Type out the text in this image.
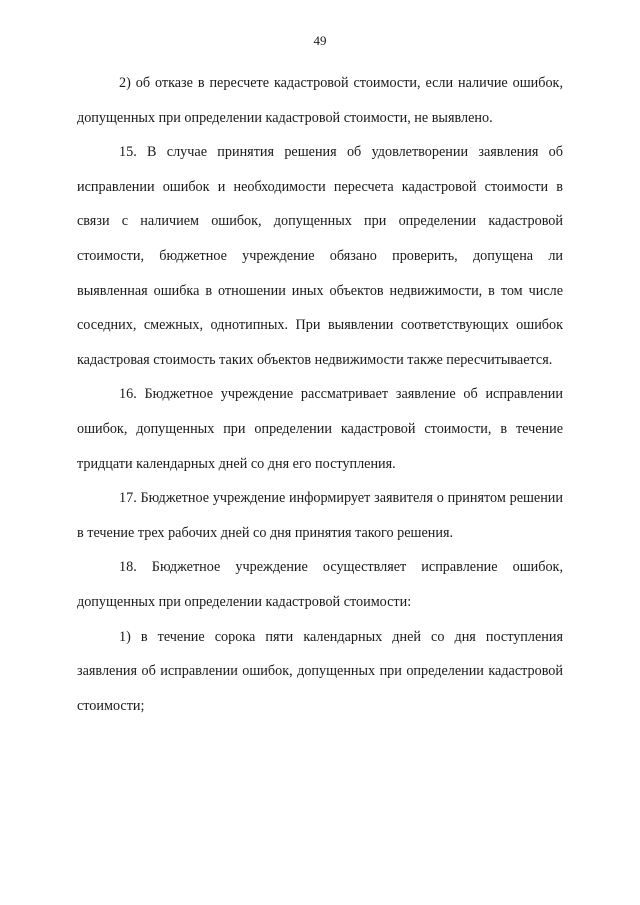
49

2) об отказе в пересчете кадастровой стоимости, если наличие ошибок, допущенных при определении кадастровой стоимости, не выявлено.

15. В случае принятия решения об удовлетворении заявления об исправлении ошибок и необходимости пересчета кадастровой стоимости в связи с наличием ошибок, допущенных при определении кадастровой стоимости, бюджетное учреждение обязано проверить, допущена ли выявленная ошибка в отношении иных объектов недвижимости, в том числе соседних, смежных, однотипных. При выявлении соответствующих ошибок кадастровая стоимость таких объектов недвижимости также пересчитывается.

16. Бюджетное учреждение рассматривает заявление об исправлении ошибок, допущенных при определении кадастровой стоимости, в течение тридцати календарных дней со дня его поступления.

17. Бюджетное учреждение информирует заявителя о принятом решении в течение трех рабочих дней со дня принятия такого решения.

18. Бюджетное учреждение осуществляет исправление ошибок, допущенных при определении кадастровой стоимости:

1) в течение сорока пяти календарных дней со дня поступления заявления об исправлении ошибок, допущенных при определении кадастровой стоимости;
